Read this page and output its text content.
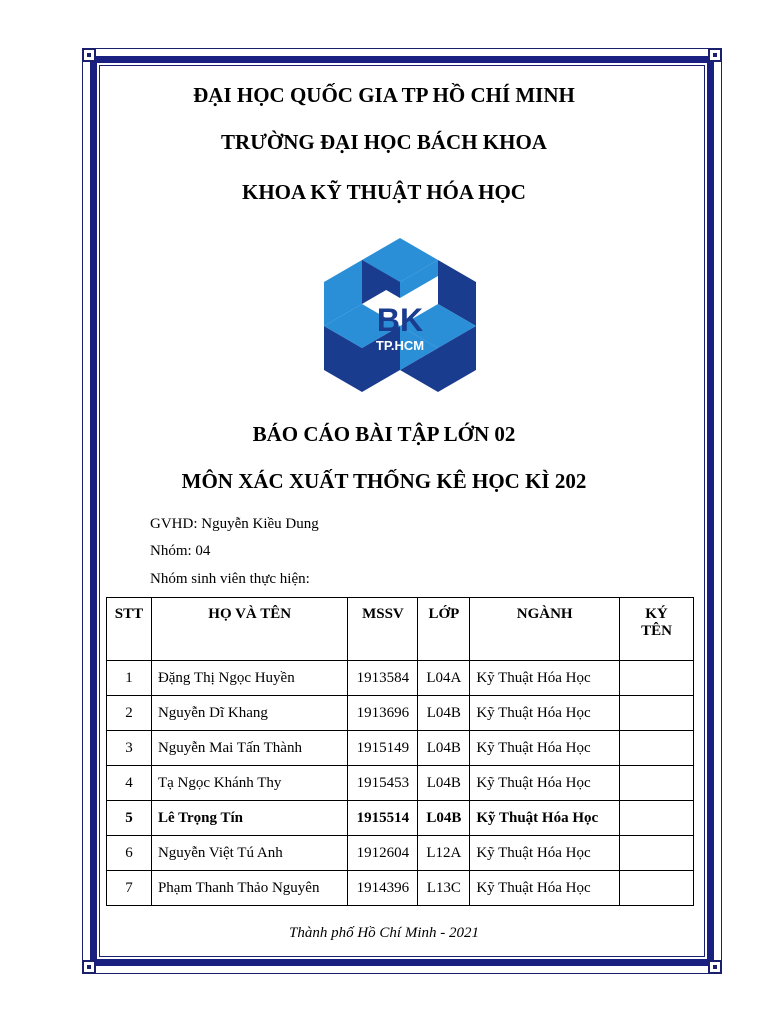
ĐẠI HỌC QUỐC GIA TP HỒ CHÍ MINH
TRƯỜNG ĐẠI HỌC BÁCH KHOA
KHOA KỸ THUẬT HÓA HỌC
BK
TP.HCM
BÁO CÁO BÀI TẬP LỚN 02
MÔN XÁC XUẤT THỐNG KÊ HỌC KÌ 202
GVHD: Nguyễn Kiều Dung
Nhóm: 04
Nhóm sinh viên thực hiện:
STT	HỌ VÀ TÊN	MSSV	LỚP	NGÀNH	KÝ TÊN
1	Đặng Thị Ngọc Huyền	1913584	L04A	Kỹ Thuật Hóa Học	
2	Nguyễn Dĩ Khang	1913696	L04B	Kỹ Thuật Hóa Học	
3	Nguyễn Mai Tấn Thành	1915149	L04B	Kỹ Thuật Hóa Học	
4	Tạ Ngọc Khánh Thy	1915453	L04B	Kỹ Thuật Hóa Học	
5	Lê Trọng Tín	1915514	L04B	Kỹ Thuật Hóa Học	
6	Nguyễn Việt Tú Anh	1912604	L12A	Kỹ Thuật Hóa Học	
7	Phạm Thanh Thảo Nguyên	1914396	L13C	Kỹ Thuật Hóa Học	
Thành phố Hồ Chí Minh - 2021
